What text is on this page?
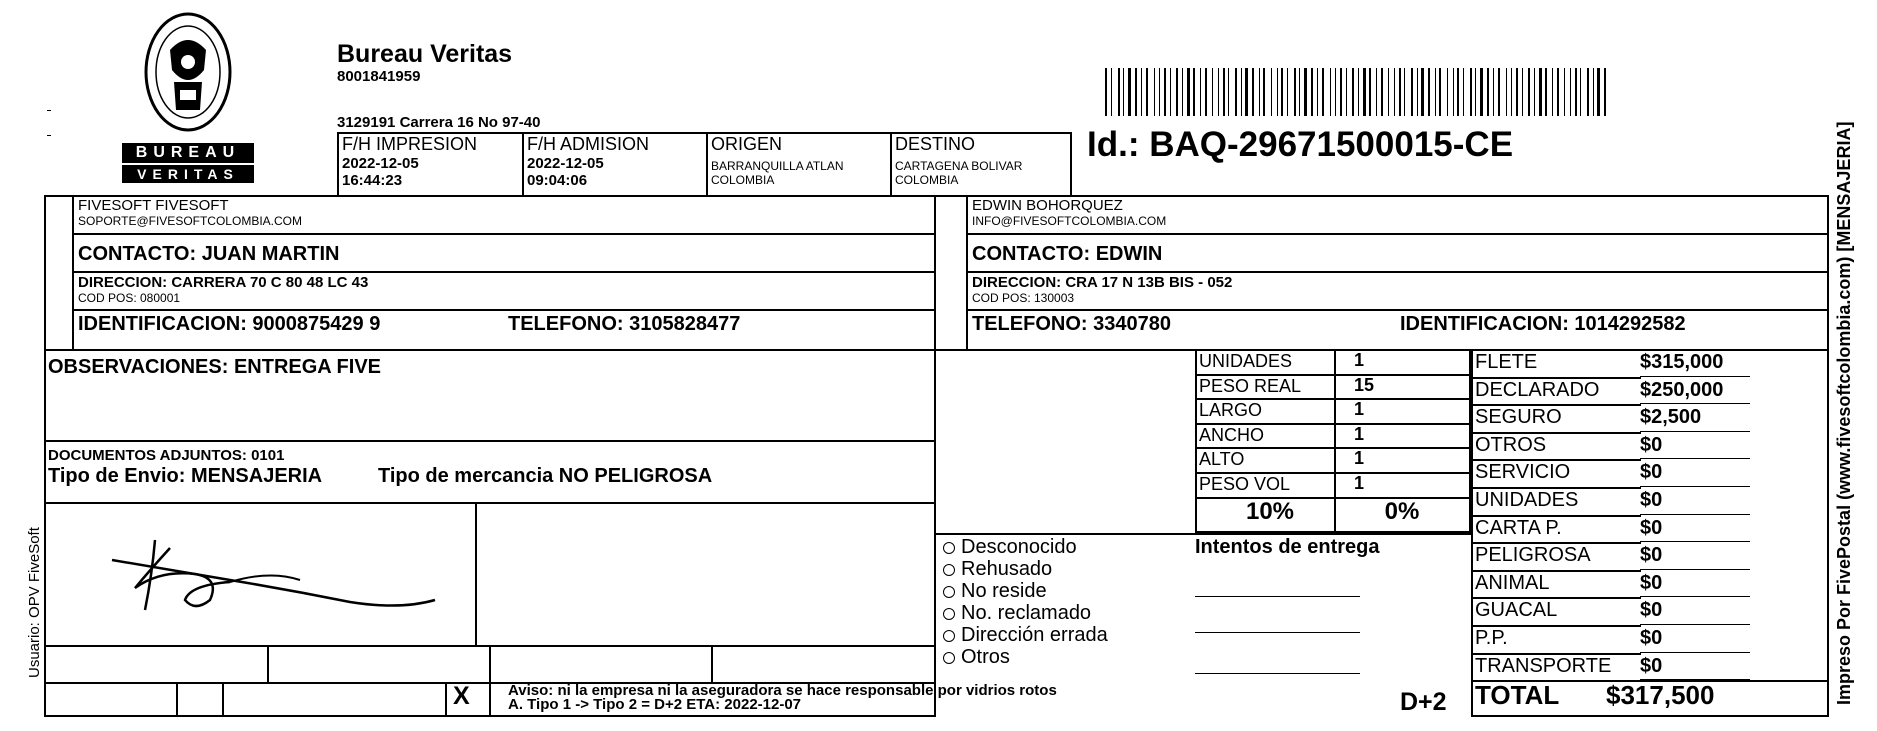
BUREAU
VERITAS
Bureau Veritas
8001841959
3129191 Carrera 16 No 97-40
F/H IMPRESION
2022-12-05
16:44:23
F/H ADMISION
2022-12-05
09:04:06
ORIGEN
BARRANQUILLA ATLAN
COLOMBIA
DESTINO
CARTAGENA BOLIVAR
COLOMBIA
Id.: BAQ-29671500015-CE
FIVESOFT FIVESOFT
SOPORTE@FIVESOFTCOLOMBIA.COM
CONTACTO: JUAN MARTIN
DIRECCION: CARRERA 70 C 80 48 LC 43
COD POS: 080001
IDENTIFICACION: 9000875429 9	TELEFONO: 3105828477
EDWIN BOHORQUEZ
INFO@FIVESOFTCOLOMBIA.COM
CONTACTO: EDWIN
DIRECCION: CRA 17 N 13B BIS - 052
COD POS: 130003
TELEFONO: 3340780	IDENTIFICACION: 1014292582
OBSERVACIONES: ENTREGA FIVE
DOCUMENTOS ADJUNTOS: 0101
Tipo de Envio: MENSAJERIA	Tipo de mercancia NO PELIGROSA
X	Aviso: ni la empresa ni la aseguradora se hace responsable por vidrios rotos
A. Tipo 1 -> Tipo 2 = D+2 ETA: 2022-12-07
UNIDADES	1
PESO REAL	15
LARGO	1
ANCHO	1
ALTO	1
PESO VOL	1
10%	0%
Desconocido
Rehusado
No reside
No. reclamado
Dirección errada
Otros
Intentos de entrega
D+2
FLETE	$315,000
DECLARADO $250,000
SEGURO	$2,500
OTROS	$0
SERVICIO	$0
UNIDADES	$0
CARTA P.	$0
PELIGROSA $0
ANIMAL	$0
GUACAL	$0
P.P.	$0
TRANSPORTE $0
TOTAL $317,500
Usuario: OPV FiveSoft	Impreso Por FivePostal (www.fivesoftcolombia.com) [MENSAJERIA]
